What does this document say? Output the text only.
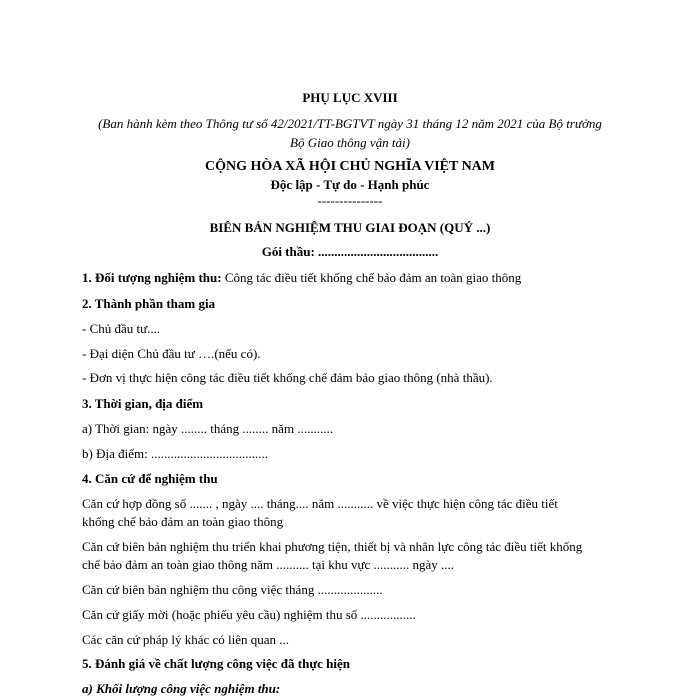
PHỤ LỤC XVIII
(Ban hành kèm theo Thông tư số 42/2021/TT-BGTVT ngày 31 tháng 12 năm 2021 của Bộ trưởng
Bộ Giao thông vận tải)
CỘNG HÒA XÃ HỘI CHỦ NGHĨA VIỆT NAM
Độc lập - Tự do - Hạnh phúc
---------------
BIÊN BẢN NGHIỆM THU GIAI ĐOẠN (QUÝ ...)
Gói thầu: .....................................
1. Đối tượng nghiệm thu: Công tác điều tiết khống chế bảo đảm an toàn giao thông
2. Thành phần tham gia
- Chủ đầu tư....
- Đại diện Chủ đầu tư ….(nếu có).
- Đơn vị thực hiện công tác điều tiết khống chế đảm bảo giao thông (nhà thầu).
3. Thời gian, địa điểm
a) Thời gian: ngày ........ tháng ........ năm ...........
b) Địa điểm: ....................................
4. Căn cứ để nghiệm thu
Căn cứ hợp đồng số ....... , ngày .... tháng.... năm ........... về việc thực hiện công tác điều tiết
khống chế bảo đảm an toàn giao thông
Căn cứ biên bản nghiệm thu triển khai phương tiện, thiết bị và nhân lực công tác điều tiết khống
chế bảo đảm an toàn giao thông năm .......... tại khu vực ........... ngày ....
Căn cứ biên bản nghiệm thu công việc tháng ....................
Căn cứ giấy mời (hoặc phiếu yêu cầu) nghiệm thu số .................
Các căn cứ pháp lý khác có liên quan ...
5. Đánh giá về chất lượng công việc đã thực hiện
a) Khối lượng công việc nghiệm thu:
